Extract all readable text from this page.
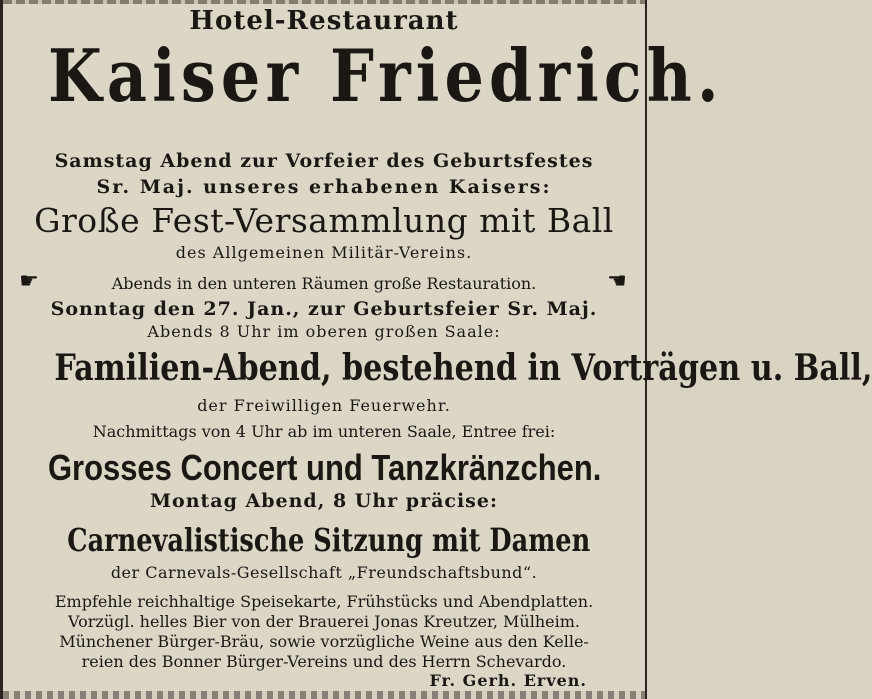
Hotel-Restaurant
Kaiser Friedrich.
Samstag Abend zur Vorfeier des Geburtsfestes
Sr. Maj. unseres erhabenen Kaisers:
Große Fest-Versammlung mit Ball
des Allgemeinen Militär-Vereins.
☛	Abends in den unteren Räumen große Restauration.	☛
Sonntag den 27. Jan., zur Geburtsfeier Sr. Maj.
Abends 8 Uhr im oberen großen Saale:
Familien-Abend, bestehend in Vorträgen u. Ball,
der Freiwilligen Feuerwehr.
Nachmittags von 4 Uhr ab im unteren Saale, Entree frei:
Grosses Concert und Tanzkränzchen.
Montag Abend, 8 Uhr präcise:
Carnevalistische Sitzung mit Damen
der Carnevals-Gesellschaft „Freundschaftsbund“.
Empfehle reichhaltige Speisekarte, Frühstücks und Abendplatten.
Vorzügl. helles Bier von der Brauerei Jonas Kreutzer, Mülheim.
Münchener Bürger-Bräu, sowie vorzügliche Weine aus den Kelle-
reien des Bonner Bürger-Vereins und des Herrn Schevardo.
Fr. Gerh. Erven.
